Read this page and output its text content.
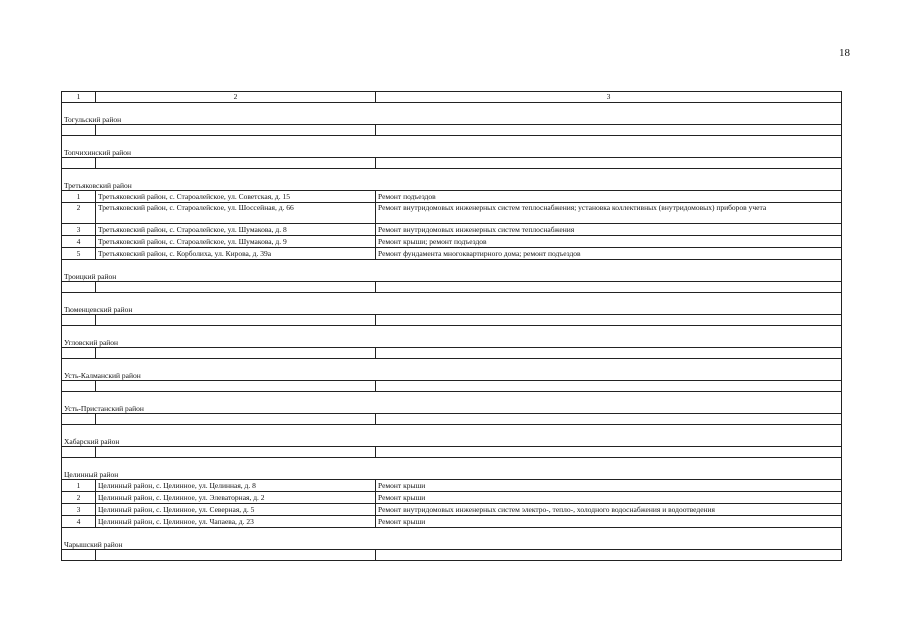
18
1	2	3
Тогульский район		

Топчихинский район		

Третьяковский район		
1	Третьяковский район, с. Староалейское, ул. Советская, д. 15	Ремонт подъездов
2	Третьяковский район, с. Староалейское, ул. Шоссейная, д. 66	Ремонт внутридомовых инженерных систем теплоснабжения; установка коллективных (внутридомовых) приборов учета
3	Третьяковский район, с. Староалейское, ул. Шумакова, д. 8	Ремонт внутридомовых инженерных систем теплоснабжения
4	Третьяковский район, с. Староалейское, ул. Шумакова, д. 9	Ремонт крыши; ремонт подъездов
5	Третьяковский район, с. Корболиха, ул. Кирова, д. 39а	Ремонт фундамента многоквартирного дома; ремонт подъездов
Троицкий район		

Тюменцевский район		

Угловский район		

Усть-Калманский район		

Усть-Пристанский район		

Хабарский район		

Целинный район		
1	Целинный район, с. Целинное, ул. Целинная, д. 8	Ремонт крыши
2	Целинный район, с. Целинное, ул. Элеваторная, д. 2	Ремонт крыши
3	Целинный район, с. Целинное, ул. Северная, д. 5	Ремонт внутридомовых инженерных систем электро-, тепло-, холодного водоснабжения и водоотведения
4	Целинный район, с. Целинное, ул. Чапаева, д. 23	Ремонт крыши
Чарышский район		
